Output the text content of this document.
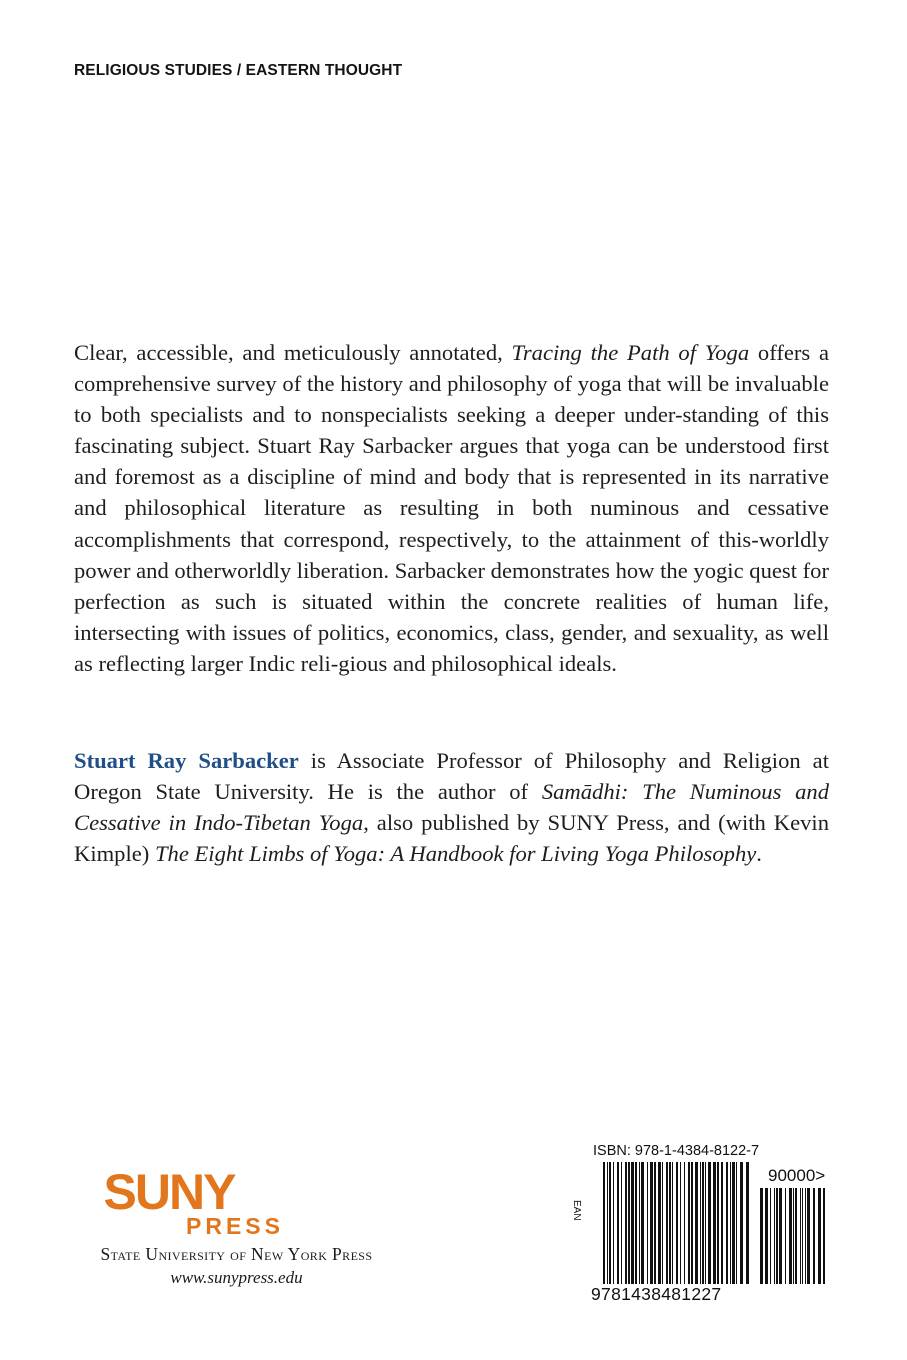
RELIGIOUS STUDIES / EASTERN THOUGHT

Clear, accessible, and meticulously annotated, Tracing the Path of Yoga offers a comprehensive survey of the history and philosophy of yoga that will be invaluable to both specialists and to nonspecialists seeking a deeper under-standing of this fascinating subject. Stuart Ray Sarbacker argues that yoga can be understood first and foremost as a discipline of mind and body that is represented in its narrative and philosophical literature as resulting in both numinous and cessative accomplishments that correspond, respectively, to the attainment of this-worldly power and otherworldly liberation. Sarbacker demonstrates how the yogic quest for perfection as such is situated within the concrete realities of human life, intersecting with issues of politics, economics, class, gender, and sexuality, as well as reflecting larger Indic reli-gious and philosophical ideals.

Stuart Ray Sarbacker is Associate Professor of Philosophy and Religion at Oregon State University. He is the author of Samādhi: The Numinous and Cessative in Indo-Tibetan Yoga, also published by SUNY Press, and (with Kevin Kimple) The Eight Limbs of Yoga: A Handbook for Living Yoga Philosophy.

SUNY
PRESS
State University of New York Press
www.sunypress.edu
ISBN: 978-1-4384-8122-7
EAN
90000>
9781438481227
